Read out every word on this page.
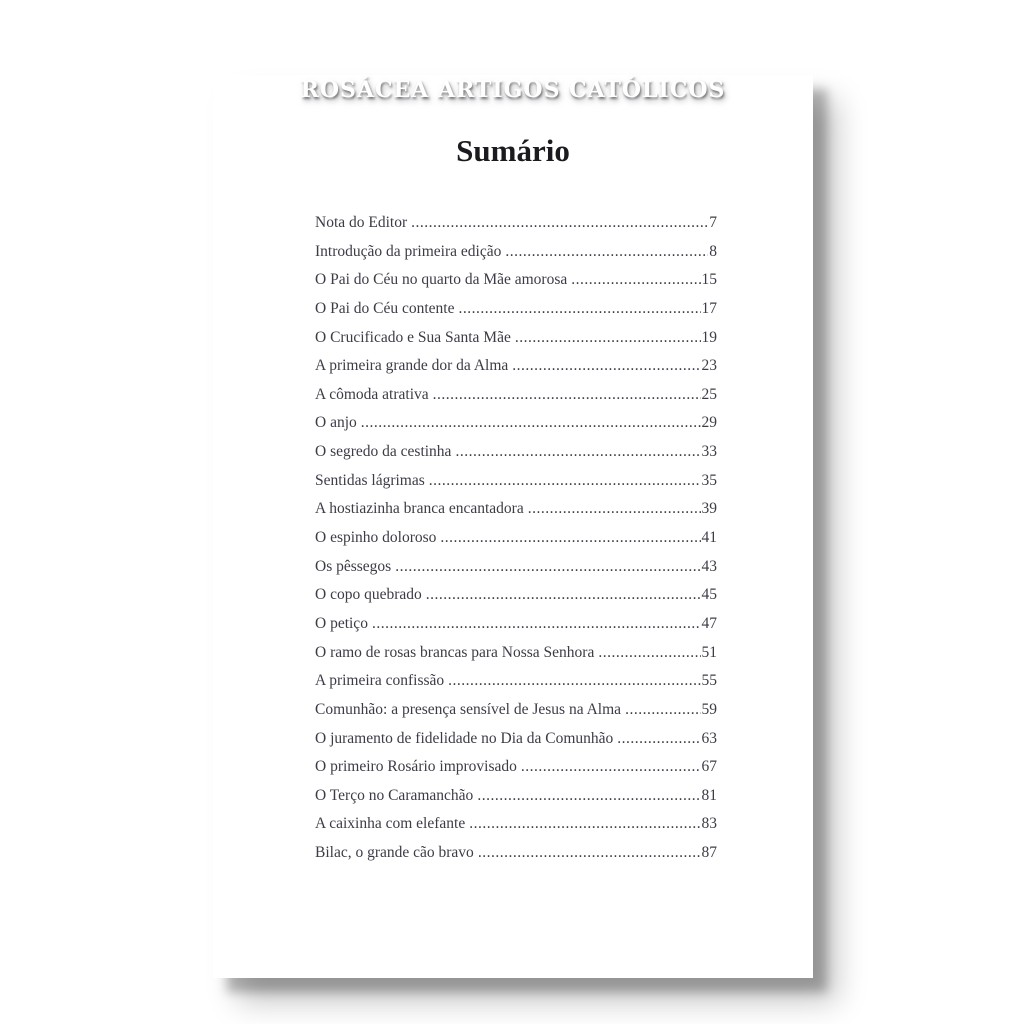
ROSÁCEA ARTIGOS CATÓLICOS
Sumário
Nota do Editor .....	7
Introdução da primeira edição .....	8
O Pai do Céu no quarto da Mãe amorosa .....	15
O Pai do Céu contente .....	17
O Crucificado e Sua Santa Mãe .....	19
A primeira grande dor da Alma .....	23
A cômoda atrativa .....	25
O anjo .....	29
O segredo da cestinha .....	33
Sentidas lágrimas .....	35
A hostiazinha branca encantadora .....	39
O espinho doloroso .....	41
Os pêssegos .....	43
O copo quebrado .....	45
O petiço .....	47
O ramo de rosas brancas para Nossa Senhora .....	51
A primeira confissão .....	55
Comunhão: a presença sensível de Jesus na Alma .....	59
O juramento de fidelidade no Dia da Comunhão .....	63
O primeiro Rosário improvisado .....	67
O Terço no Caramanchão .....	81
A caixinha com elefante .....	83
Bilac, o grande cão bravo .....	87
